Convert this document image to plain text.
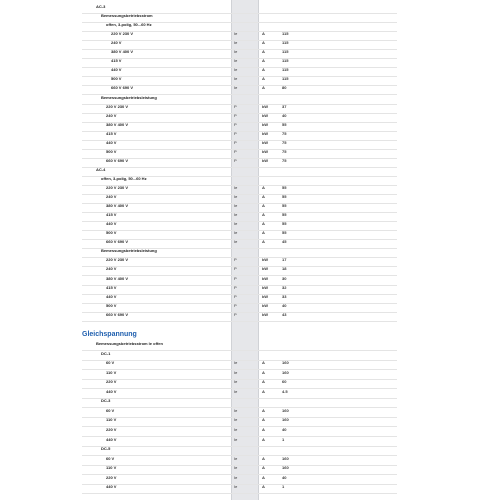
AC-3
Bemessungsbetriebsstrom
offen, 3-polig, 50...60 Hz
220 V 230 V	Ie	A	115
240 V	Ie	A	115
380 V 400 V	Ie	A	115
415 V	Ie	A	115
440 V	Ie	A	115
500 V	Ie	A	115
660 V 690 V	Ie	A	80
Bemessungsbetriebsleistung
220 V 230 V	P	kW	37
240 V	P	kW	40
380 V 400 V	P	kW	55
415 V	P	kW	75
440 V	P	kW	75
500 V	P	kW	75
660 V 690 V	P	kW	75
AC-4
offen, 3-polig, 50...60 Hz
220 V 230 V	Ie	A	55
240 V	Ie	A	55
380 V 400 V	Ie	A	55
415 V	Ie	A	55
440 V	Ie	A	55
500 V	Ie	A	55
660 V 690 V	Ie	A	45
Bemessungsbetriebsleistung
220 V 230 V	P	kW	17
240 V	P	kW	18
380 V 400 V	P	kW	30
415 V	P	kW	32
440 V	P	kW	33
500 V	P	kW	40
660 V 690 V	P	kW	43
Gleichspannung
Bemessungsbetriebsstrom Ie offen
DC-1
60 V	Ie	A	160
110 V	Ie	A	160
220 V	Ie	A	60
440 V	Ie	A	4.5
DC-3
60 V	Ie	A	160
110 V	Ie	A	160
220 V	Ie	A	40
440 V	Ie	A	1
DC-5
60 V	Ie	A	160
110 V	Ie	A	160
220 V	Ie	A	40
440 V	Ie	A	1
